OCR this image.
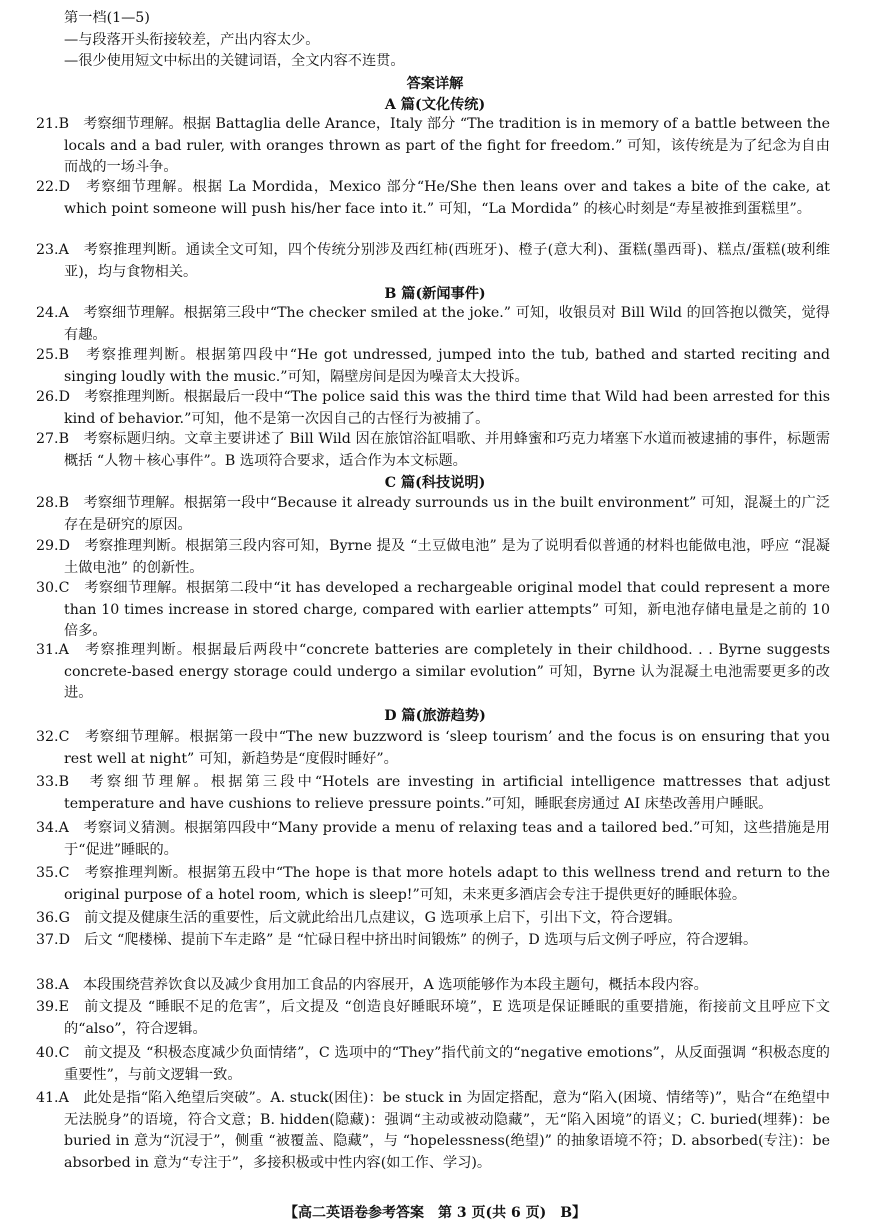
第一档(1—5)
—与段落开头衔接较差，产出内容太少。
—很少使用短文中标出的关键词语，全文内容不连贯。
答案详解
A 篇(文化传统)
21.B　考察细节理解。根据 Battaglia delle Arance，Italy 部分 “The tradition is in memory of a battle between the locals and a bad ruler, with oranges thrown as part of the fight for freedom.” 可知，该传统是为了纪念为自由而战的一场斗争。
22.D　考察细节理解。根据 La Mordida，Mexico 部分“He/She then leans over and takes a bite of the cake, at which point someone will push his/her face into it.” 可知，“La Mordida” 的核心时刻是“寿星被推到蛋糕里”。
23.A　考察推理判断。通读全文可知，四个传统分别涉及西红柿(西班牙)、橙子(意大利)、蛋糕(墨西哥)、糕点/蛋糕(玻利维亚)，均与食物相关。
B 篇(新闻事件)
24.A　考察细节理解。根据第三段中“The checker smiled at the joke.” 可知，收银员对 Bill Wild 的回答抱以微笑，觉得有趣。
25.B　考察推理判断。根据第四段中“He got undressed, jumped into the tub, bathed and started reciting and singing loudly with the music.”可知，隔壁房间是因为噪音太大投诉。
26.D　考察推理判断。根据最后一段中“The police said this was the third time that Wild had been arrested for this kind of behavior.”可知，他不是第一次因自己的古怪行为被捕了。
27.B　考察标题归纳。文章主要讲述了 Bill Wild 因在旅馆浴缸唱歌、并用蜂蜜和巧克力堵塞下水道而被逮捕的事件，标题需概括 “人物＋核心事件”。B 选项符合要求，适合作为本文标题。
C 篇(科技说明)
28.B　考察细节理解。根据第一段中“Because it already surrounds us in the built environment” 可知，混凝土的广泛存在是研究的原因。
29.D　考察推理判断。根据第三段内容可知，Byrne 提及 “土豆做电池” 是为了说明看似普通的材料也能做电池，呼应 “混凝土做电池” 的创新性。
30.C　考察细节理解。根据第二段中“it has developed a rechargeable original model that could represent a more than 10 times increase in stored charge, compared with earlier attempts” 可知，新电池存储电量是之前的 10 倍多。
31.A　考察推理判断。根据最后两段中“concrete batteries are completely in their childhood. . . Byrne suggests concrete-based energy storage could undergo a similar evolution” 可知，Byrne 认为混凝土电池需要更多的改进。
D 篇(旅游趋势)
32.C　考察细节理解。根据第一段中“The new buzzword is ‘sleep tourism’ and the focus is on ensuring that you rest well at night” 可知，新趋势是“度假时睡好”。
33.B　考察细节理解。根据第三段中“Hotels are investing in artificial intelligence mattresses that adjust temperature and have cushions to relieve pressure points.”可知，睡眠套房通过 AI 床垫改善用户睡眠。
34.A　考察词义猜测。根据第四段中“Many provide a menu of relaxing teas and a tailored bed.”可知，这些措施是用于“促进”睡眠的。
35.C　考察推理判断。根据第五段中“The hope is that more hotels adapt to this wellness trend and return to the original purpose of a hotel room, which is sleep!”可知，未来更多酒店会专注于提供更好的睡眠体验。
36.G　前文提及健康生活的重要性，后文就此给出几点建议，G 选项承上启下，引出下文，符合逻辑。
37.D　后文 “爬楼梯、提前下车走路” 是 “忙碌日程中挤出时间锻炼” 的例子，D 选项与后文例子呼应，符合逻辑。
38.A　本段围绕营养饮食以及减少食用加工食品的内容展开，A 选项能够作为本段主题句，概括本段内容。
39.E　前文提及 “睡眠不足的危害”，后文提及 “创造良好睡眠环境”，E 选项是保证睡眠的重要措施，衔接前文且呼应下文的“also”，符合逻辑。
40.C　前文提及 “积极态度减少负面情绪”，C 选项中的“They”指代前文的“negative emotions”，从反面强调 “积极态度的重要性”，与前文逻辑一致。
41.A　此处是指“陷入绝望后突破”。A. stuck(困住)：be stuck in 为固定搭配，意为“陷入(困境、情绪等)”，贴合“在绝望中无法脱身”的语境，符合文意；B. hidden(隐藏)：强调“主动或被动隐藏”，无“陷入困境”的语义；C. buried(埋葬)：be buried in 意为“沉浸于”，侧重 “被覆盖、隐藏”，与 “hopelessness(绝望)” 的抽象语境不符；D. absorbed(专注)：be absorbed in 意为“专注于”，多接积极或中性内容(如工作、学习)。
【高二英语卷参考答案　第 3 页(共 6 页)　B】
